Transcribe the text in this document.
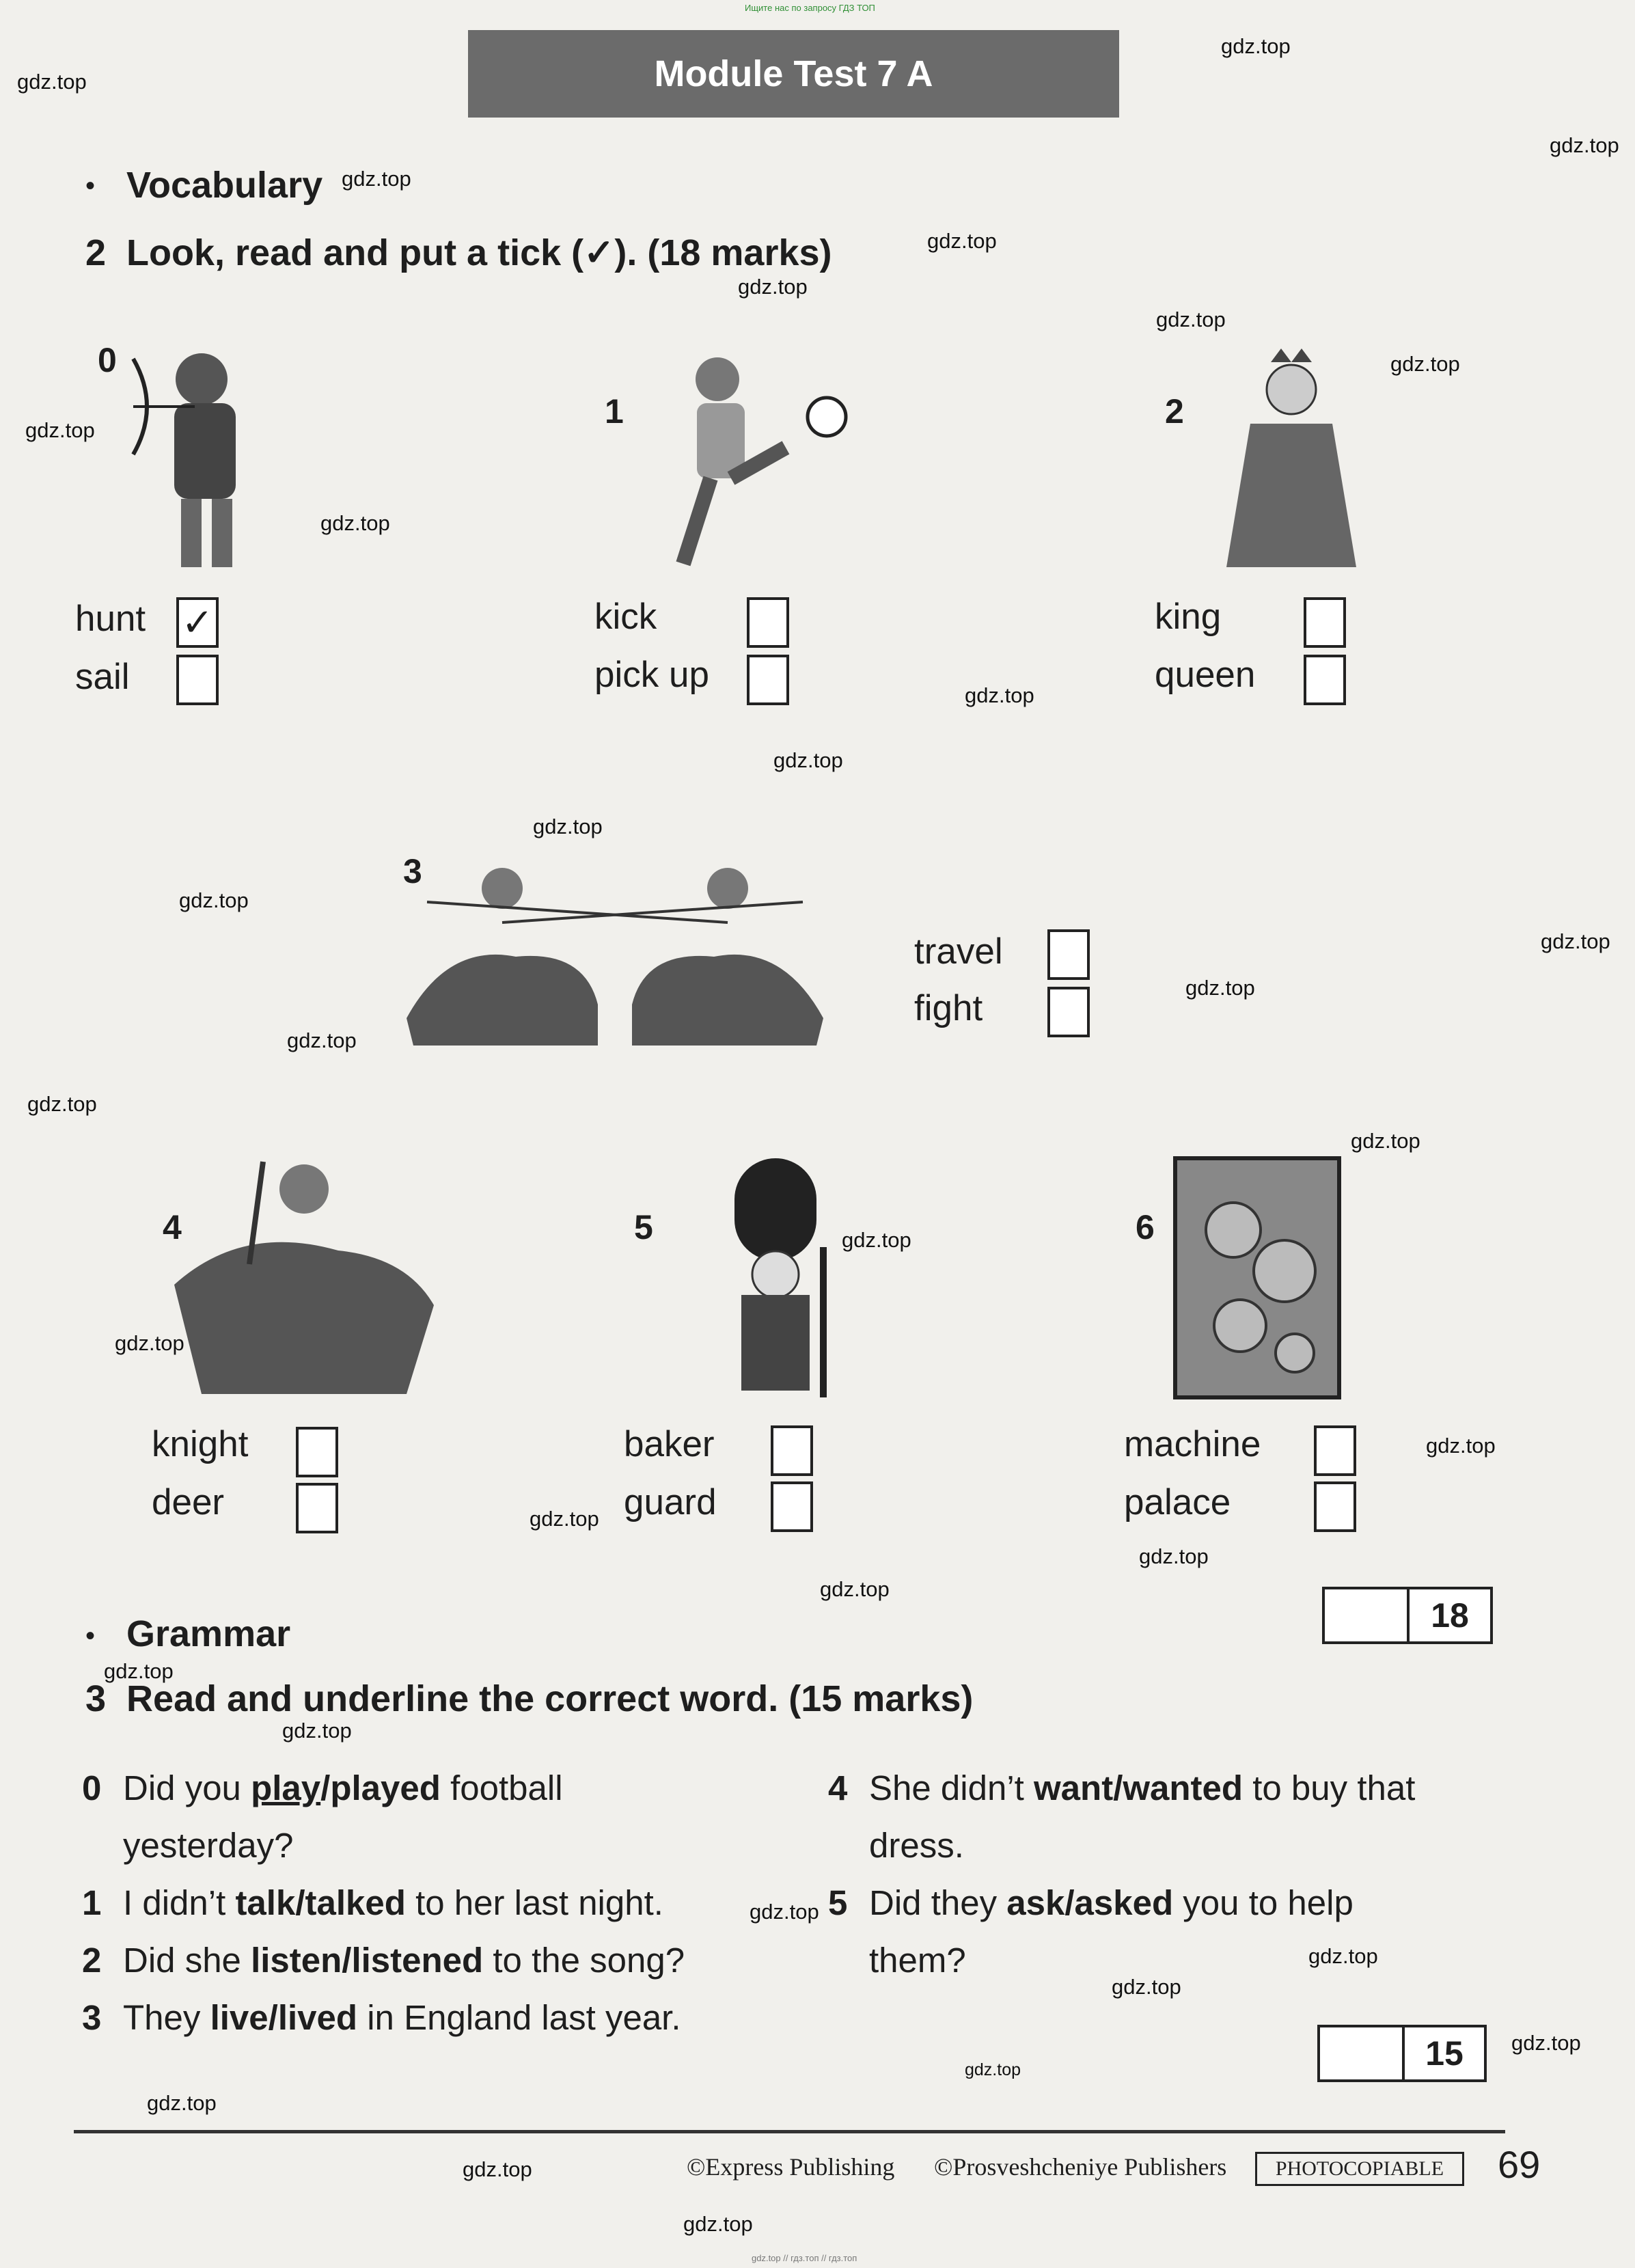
Ищите нас по запросу ГДЗ ТОП
Module Test 7 A
• Vocabulary
2  Look, read and put a tick (✓). (18 marks)
0
hunt ✓
sail
1
kick
pick up
2
king
queen
3
travel
fight
4
knight
deer
5
baker
guard
6
machine
palace
18
• Grammar
3  Read and underline the correct word. (15 marks)
0 Did you play/played football
yesterday?
1 I didn’t talk/talked to her last night.
2 Did she listen/listened to the song?
3 They live/lived in England last year.
4 She didn’t want/wanted to buy that
dress.
5 Did they ask/asked you to help
them?
15
gdz.top
gdz.top
gdz.top
gdz.top
gdz.top
gdz.top
gdz.top
gdz.top
gdz.top
gdz.top
gdz.top
gdz.top
gdz.top
gdz.top
gdz.top
gdz.top
gdz.top
gdz.top
gdz.top
gdz.top
gdz.top
gdz.top
gdz.top
gdz.top
gdz.top
gdz.top
gdz.top
gdz.top
gdz.top
gdz.top
gdz.top
gdz.top
gdz.top
gdz.top
gdz.top
©Express Publishing ©Prosveshcheniye Publishers	PHOTOCOPIABLE	69
gdz.top // гдз.топ // гдз.топ
